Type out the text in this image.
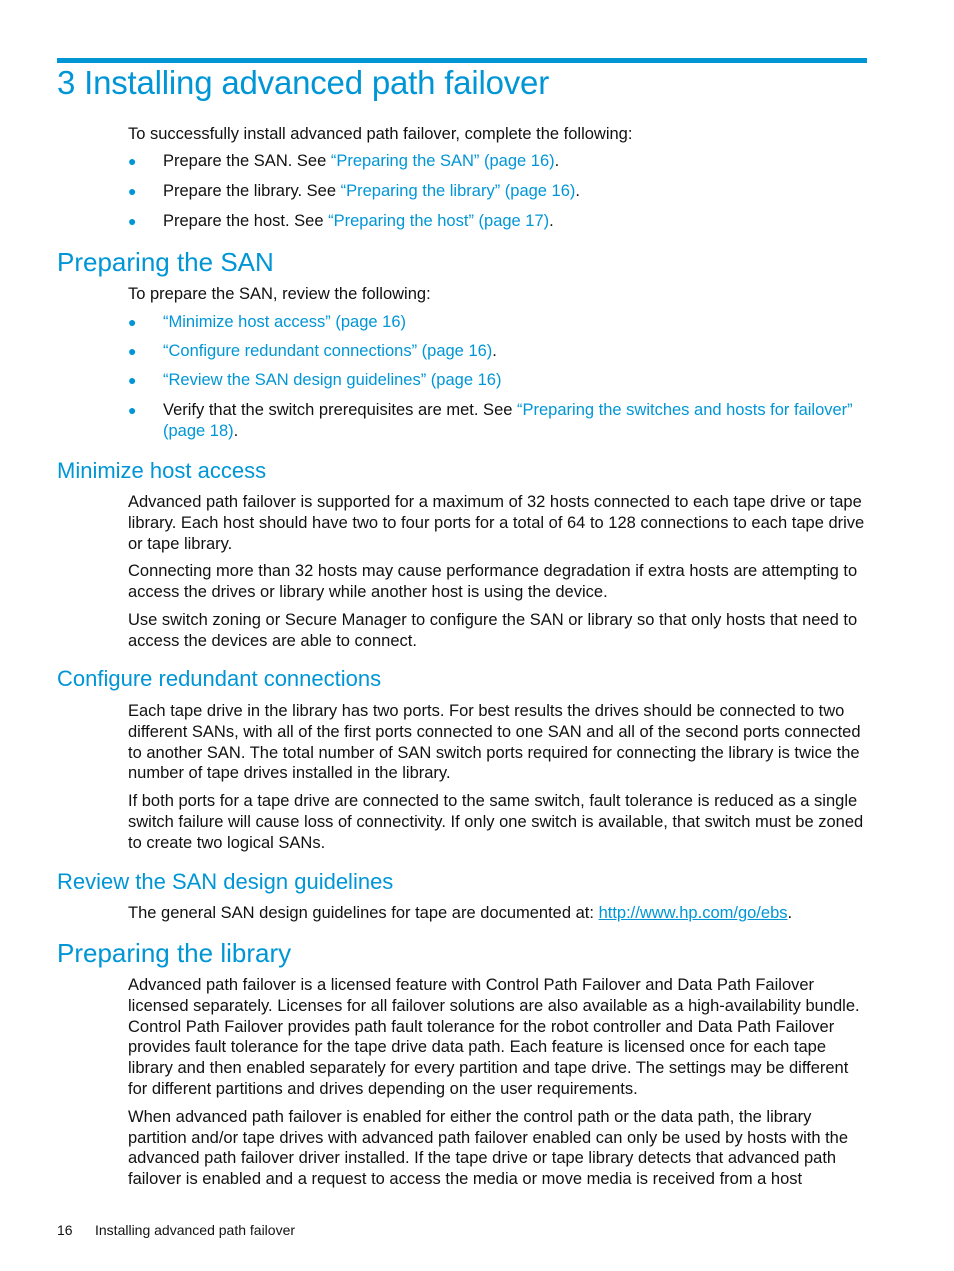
3 Installing advanced path failover
To successfully install advanced path failover, complete the following:
● Prepare the SAN. See “Preparing the SAN” (page 16).
● Prepare the library. See “Preparing the library” (page 16).
● Prepare the host. See “Preparing the host” (page 17).
Preparing the SAN
To prepare the SAN, review the following:
● “Minimize host access” (page 16)
● “Configure redundant connections” (page 16).
● “Review the SAN design guidelines” (page 16)
● Verify that the switch prerequisites are met. See “Preparing the switches and hosts for failover” (page 18).
Minimize host access

Advanced path failover is supported for a maximum of 32 hosts connected to each tape drive or tape library. Each host should have two to four ports for a total of 64 to 128 connections to each tape drive or tape library.

Connecting more than 32 hosts may cause performance degradation if extra hosts are attempting to access the drives or library while another host is using the device.

Use switch zoning or Secure Manager to configure the SAN or library so that only hosts that need to access the devices are able to connect.

Configure redundant connections

Each tape drive in the library has two ports. For best results the drives should be connected to two different SANs, with all of the first ports connected to one SAN and all of the second ports connected to another SAN. The total number of SAN switch ports required for connecting the library is twice the number of tape drives installed in the library.

If both ports for a tape drive are connected to the same switch, fault tolerance is reduced as a single switch failure will cause loss of connectivity. If only one switch is available, that switch must be zoned to create two logical SANs.

Review the SAN design guidelines
The general SAN design guidelines for tape are documented at: http://www.hp.com/go/ebs.
Preparing the library

Advanced path failover is a licensed feature with Control Path Failover and Data Path Failover licensed separately. Licenses for all failover solutions are also available as a high-availability bundle. Control Path Failover provides path fault tolerance for the robot controller and Data Path Failover provides fault tolerance for the tape drive data path. Each feature is licensed once for each tape library and then enabled separately for every partition and tape drive. The settings may be different for different partitions and drives depending on the user requirements.

When advanced path failover is enabled for either the control path or the data path, the library partition and/or tape drives with advanced path failover enabled can only be used by hosts with the advanced path failover driver installed. If the tape drive or tape library detects that advanced path failover is enabled and a request to access the media or move media is received from a host

16 Installing advanced path failover
